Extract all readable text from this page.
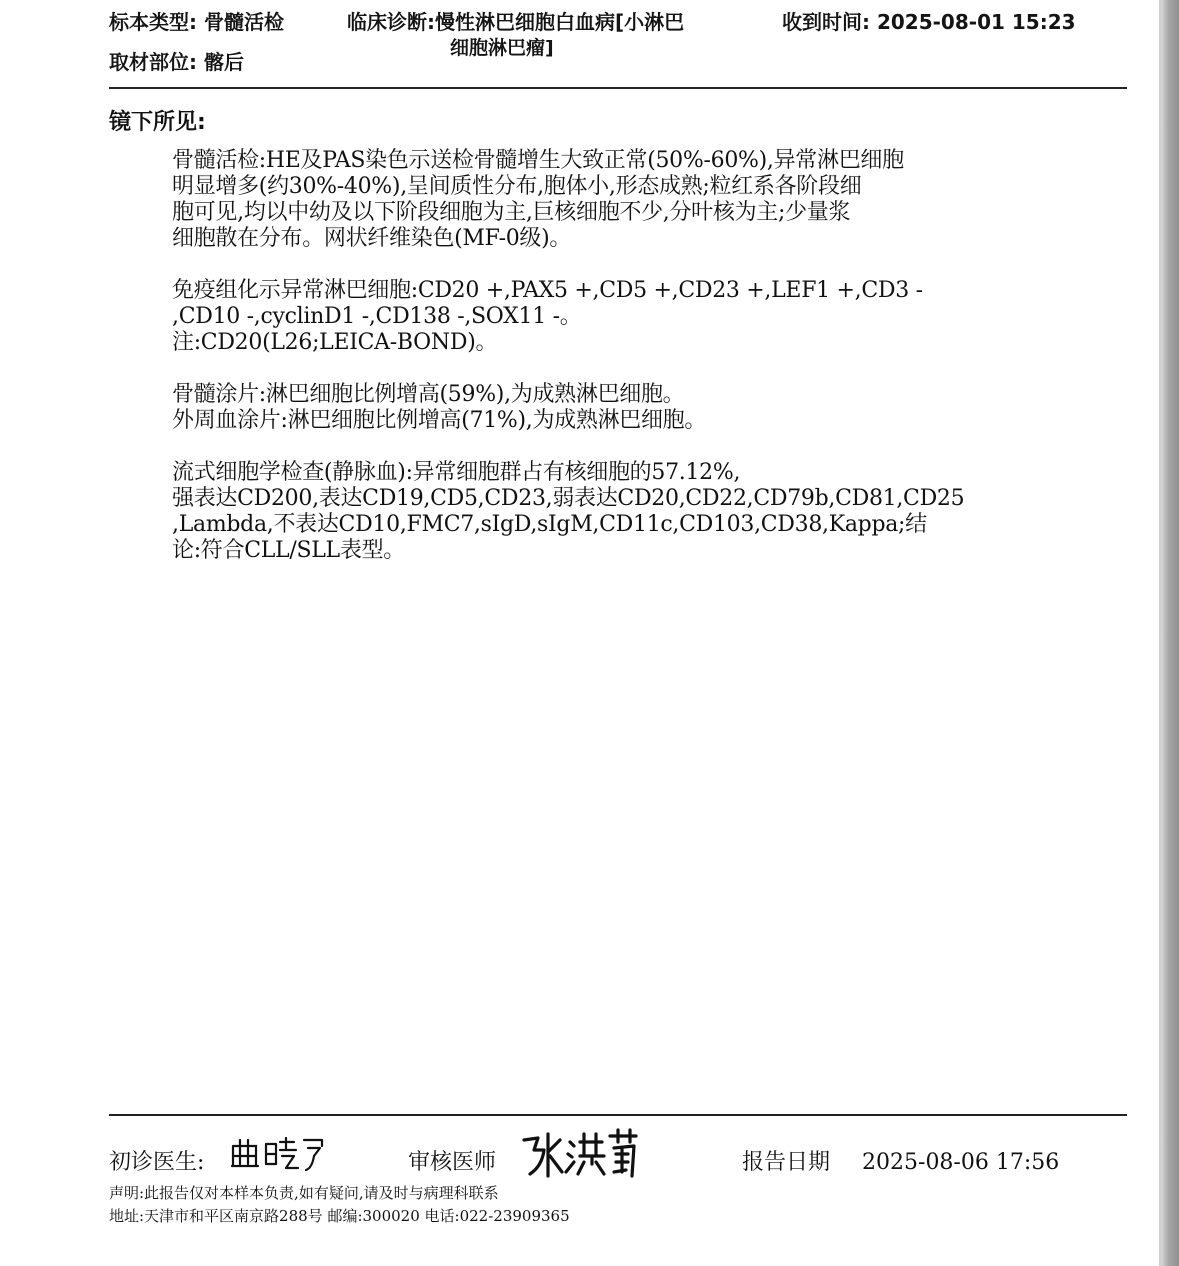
标本类型: 骨髓活检	临床诊断:慢性淋巴细胞白血病[小淋巴
细胞淋巴瘤]
收到时间: 2025-08-01 15:23
取材部位: 髂后
镜下所见:
骨髓活检:HE及PAS染色示送检骨髓增生大致正常(50%-60%),异常淋巴细胞
明显增多(约30%-40%),呈间质性分布,胞体小,形态成熟;粒红系各阶段细
胞可见,均以中幼及以下阶段细胞为主,巨核细胞不少,分叶核为主;少量浆
细胞散在分布。网状纤维染色(MF-0级)。
免疫组化示异常淋巴细胞:CD20 +,PAX5 +,CD5 +,CD23 +,LEF1 +,CD3 -
,CD10 -,cyclinD1 -,CD138 -,SOX11 -。
注:CD20(L26;LEICA-BOND)。
骨髓涂片:淋巴细胞比例增高(59%),为成熟淋巴细胞。
外周血涂片:淋巴细胞比例增高(71%),为成熟淋巴细胞。
流式细胞学检查(静脉血):异常细胞群占有核细胞的57.12%,
强表达CD200,表达CD19,CD5,CD23,弱表达CD20,CD22,CD79b,CD81,CD25
,Lambda,不表达CD10,FMC7,sIgD,sIgM,CD11c,CD103,CD38,Kappa;结
论:符合CLL/SLL表型。
初诊医生:	审核医师	报告日期 2025-08-06 17:56
声明:此报告仅对本样本负责,如有疑问,请及时与病理科联系
地址:天津市和平区南京路288号 邮编:300020 电话:022-23909365
